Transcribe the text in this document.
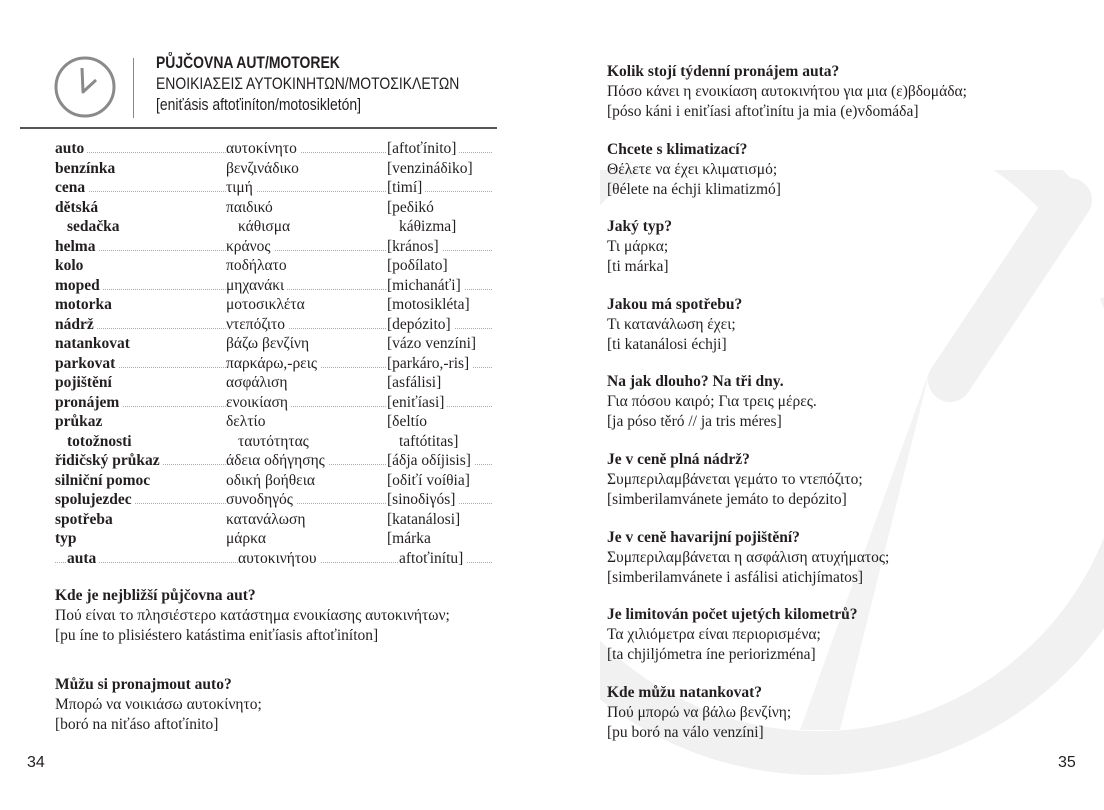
PŮJČOVNA AUT/MOTOREK
ΕΝΟΙΚΙΑΣΕΙΣ ΑΥΤΟΚΙΝΗΤΩΝ/ΜΟΤΟΣΙΚΛΕΤΩΝ
[eniťásis aftoťiníton/motosikletón]
auto	αυτοκίνητο	[aftoťínito]
benzínka	βενζινάδικο	[venzináδiko]
cena	τιμή	[timí]
dětská	παιδικό	[peδikó
sedačka	κάθισμα	káθizma]
helma	κράνος	[krános]
kolo	ποδήλατο	[poδílato]
moped	μηχανάκι	[michanáťi]
motorka	μοτοσικλέτα	[motosikléta]
nádrž	ντεπόζιτο	[depózito]
natankovat	βάζω βενζίνη	[vázo venzíni]
parkovat	παρκάρω,-ρεις	[parkáro,-ris]
pojištění	ασφάλιση	[asfálisi]
pronájem	ενοικίαση	[eniťíasi]
průkaz	δελτίο	[δeltío
totožnosti	ταυτότητας	taftótitas]
řidičský průkaz	άδεια οδήγησης	[áδja oδíjisis]
silniční pomoc	οδική βοήθεια	[oδiťí voíθia]
spolujezdec	συνοδηγός	[sinoδiγós]
spotřeba	κατανάλωση	[katanálosi]
typ	μάρκα	[márka
auta	αυτοκινήτου	aftoťinítu]
Kde je nejbližší půjčovna aut?
Πού είναι το πλησιέστερο κατάστημα ενοικίασης αυτοκινήτων;
[pu íne to plisiéstero katástima eniťíasis aftoťiníton]
Můžu si pronajmout auto?
Μπορώ να νοικιάσω αυτοκίνητο;
[boró na niťáso aftoťínito]
Kolik stojí týdenní pronájem auta?
Πόσο κάνει η ενοικίαση αυτοκινήτου για μια (ε)βδομάδα;
[póso káni i eniťíasi aftoťinítu ja mia (e)vδomáδa]
Chcete s klimatizací?
Θέλετε να έχει κλιματισμό;
[θélete na échji klimatizmó]
Jaký typ?
Τι μάρκα;
[ti márka]
Jakou má spotřebu?
Τι κατανάλωση έχει;
[ti katanálosi échji]
Na jak dlouho? Na tři dny.
Για πόσου καιρό; Για τρεις μέρες.
[ja póso těró // ja tris méres]
Je v ceně plná nádrž?
Συμπεριλαμβάνεται γεμάτο το ντεπόζιτο;
[simberilamvánete jemáto to depózito]
Je v ceně havarijní pojištění?
Συμπεριλαμβάνεται η ασφάλιση ατυχήματος;
[simberilamvánete i asfálisi atichjímatos]
Je limitován počet ujetých kilometrů?
Τα χιλιόμετρα είναι περιορισμένα;
[ta chjiljómetra íne periorizména]
Kde můžu natankovat?
Πού μπορώ να βάλω βενζίνη;
[pu boró na válo venzíni]
34	35
